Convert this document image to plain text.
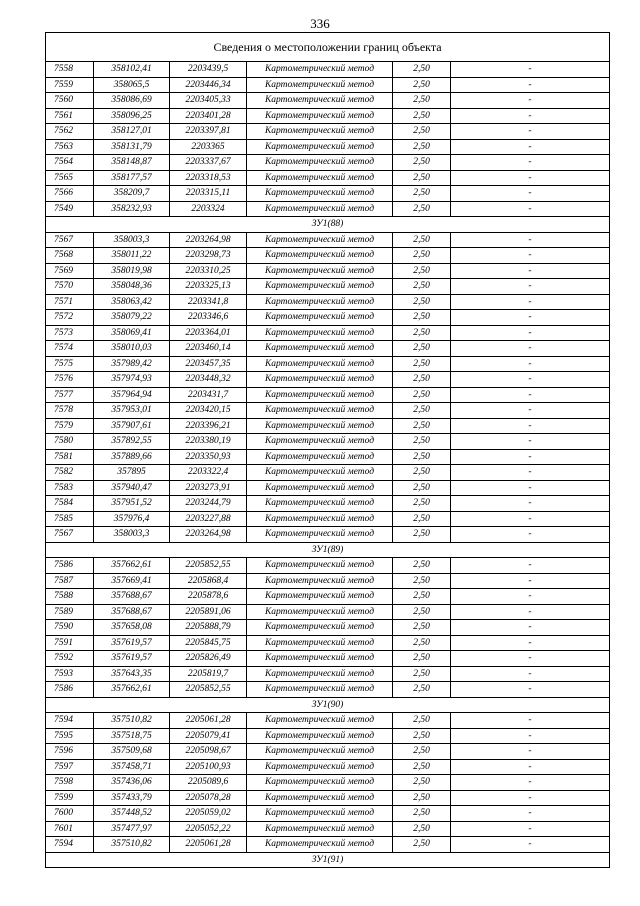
336
Сведения о местоположении границ объекта					
7558	358102,41	2203439,5	Картометрический метод	2,50	-
7559	358065,5	2203446,34	Картометрический метод	2,50	-
7560	358086,69	2203405,33	Картометрический метод	2,50	-
7561	358096,25	2203401,28	Картометрический метод	2,50	-
7562	358127,01	2203397,81	Картометрический метод	2,50	-
7563	358131,79	2203365	Картометрический метод	2,50	-
7564	358148,87	2203337,67	Картометрический метод	2,50	-
7565	358177,57	2203318,53	Картометрический метод	2,50	-
7566	358209,7	2203315,11	Картометрический метод	2,50	-
7549	358232,93	2203324	Картометрический метод	2,50	-
ЗУ1(88)					
7567	358003,3	2203264,98	Картометрический метод	2,50	-
7568	358011,22	2203298,73	Картометрический метод	2,50	-
7569	358019,98	2203310,25	Картометрический метод	2,50	-
7570	358048,36	2203325,13	Картометрический метод	2,50	-
7571	358063,42	2203341,8	Картометрический метод	2,50	-
7572	358079,22	2203346,6	Картометрический метод	2,50	-
7573	358069,41	2203364,01	Картометрический метод	2,50	-
7574	358010,03	2203460,14	Картометрический метод	2,50	-
7575	357989,42	2203457,35	Картометрический метод	2,50	-
7576	357974,93	2203448,32	Картометрический метод	2,50	-
7577	357964,94	2203431,7	Картометрический метод	2,50	-
7578	357953,01	2203420,15	Картометрический метод	2,50	-
7579	357907,61	2203396,21	Картометрический метод	2,50	-
7580	357892,55	2203380,19	Картометрический метод	2,50	-
7581	357889,66	2203350,93	Картометрический метод	2,50	-
7582	357895	2203322,4	Картометрический метод	2,50	-
7583	357940,47	2203273,91	Картометрический метод	2,50	-
7584	357951,52	2203244,79	Картометрический метод	2,50	-
7585	357976,4	2203227,88	Картометрический метод	2,50	-
7567	358003,3	2203264,98	Картометрический метод	2,50	-
ЗУ1(89)					
7586	357662,61	2205852,55	Картометрический метод	2,50	-
7587	357669,41	2205868,4	Картометрический метод	2,50	-
7588	357688,67	2205878,6	Картометрический метод	2,50	-
7589	357688,67	2205891,06	Картометрический метод	2,50	-
7590	357658,08	2205888,79	Картометрический метод	2,50	-
7591	357619,57	2205845,75	Картометрический метод	2,50	-
7592	357619,57	2205826,49	Картометрический метод	2,50	-
7593	357643,35	2205819,7	Картометрический метод	2,50	-
7586	357662,61	2205852,55	Картометрический метод	2,50	-
ЗУ1(90)					
7594	357510,82	2205061,28	Картометрический метод	2,50	-
7595	357518,75	2205079,41	Картометрический метод	2,50	-
7596	357509,68	2205098,67	Картометрический метод	2,50	-
7597	357458,71	2205100,93	Картометрический метод	2,50	-
7598	357436,06	2205089,6	Картометрический метод	2,50	-
7599	357433,79	2205078,28	Картометрический метод	2,50	-
7600	357448,52	2205059,02	Картометрический метод	2,50	-
7601	357477,97	2205052,22	Картометрический метод	2,50	-
7594	357510,82	2205061,28	Картометрический метод	2,50	-
ЗУ1(91)					
